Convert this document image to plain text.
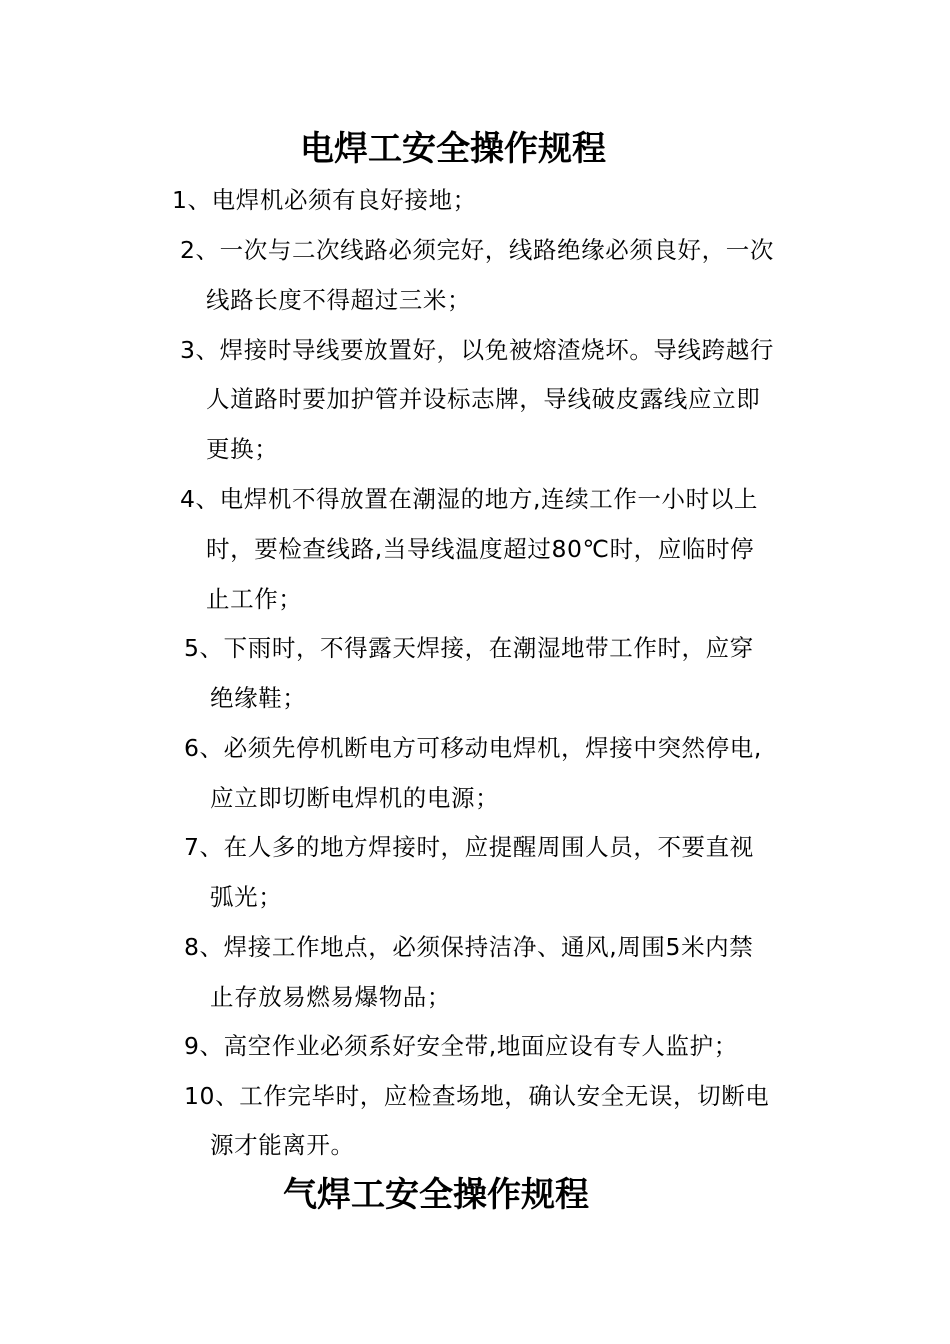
电焊工安全操作规程
1、电焊机必须有良好接地；
2、一次与二次线路必须完好，线路绝缘必须良好，一次
线路长度不得超过三米；
3、焊接时导线要放置好，以免被熔渣烧坏。导线跨越行
人道路时要加护管并设标志牌，导线破皮露线应立即
更换；
4、电焊机不得放置在潮湿的地方,连续工作一小时以上
时，要检查线路,当导线温度超过80℃时，应临时停
止工作；
5、下雨时，不得露天焊接，在潮湿地带工作时，应穿
绝缘鞋；
6、必须先停机断电方可移动电焊机，焊接中突然停电,
应立即切断电焊机的电源；
7、在人多的地方焊接时，应提醒周围人员，不要直视
弧光；
8、焊接工作地点，必须保持洁净、通风,周围5米内禁
止存放易燃易爆物品；
9、高空作业必须系好安全带,地面应设有专人监护；
10、工作完毕时，应检查场地，确认安全无误，切断电
源才能离开。
气焊工安全操作规程
